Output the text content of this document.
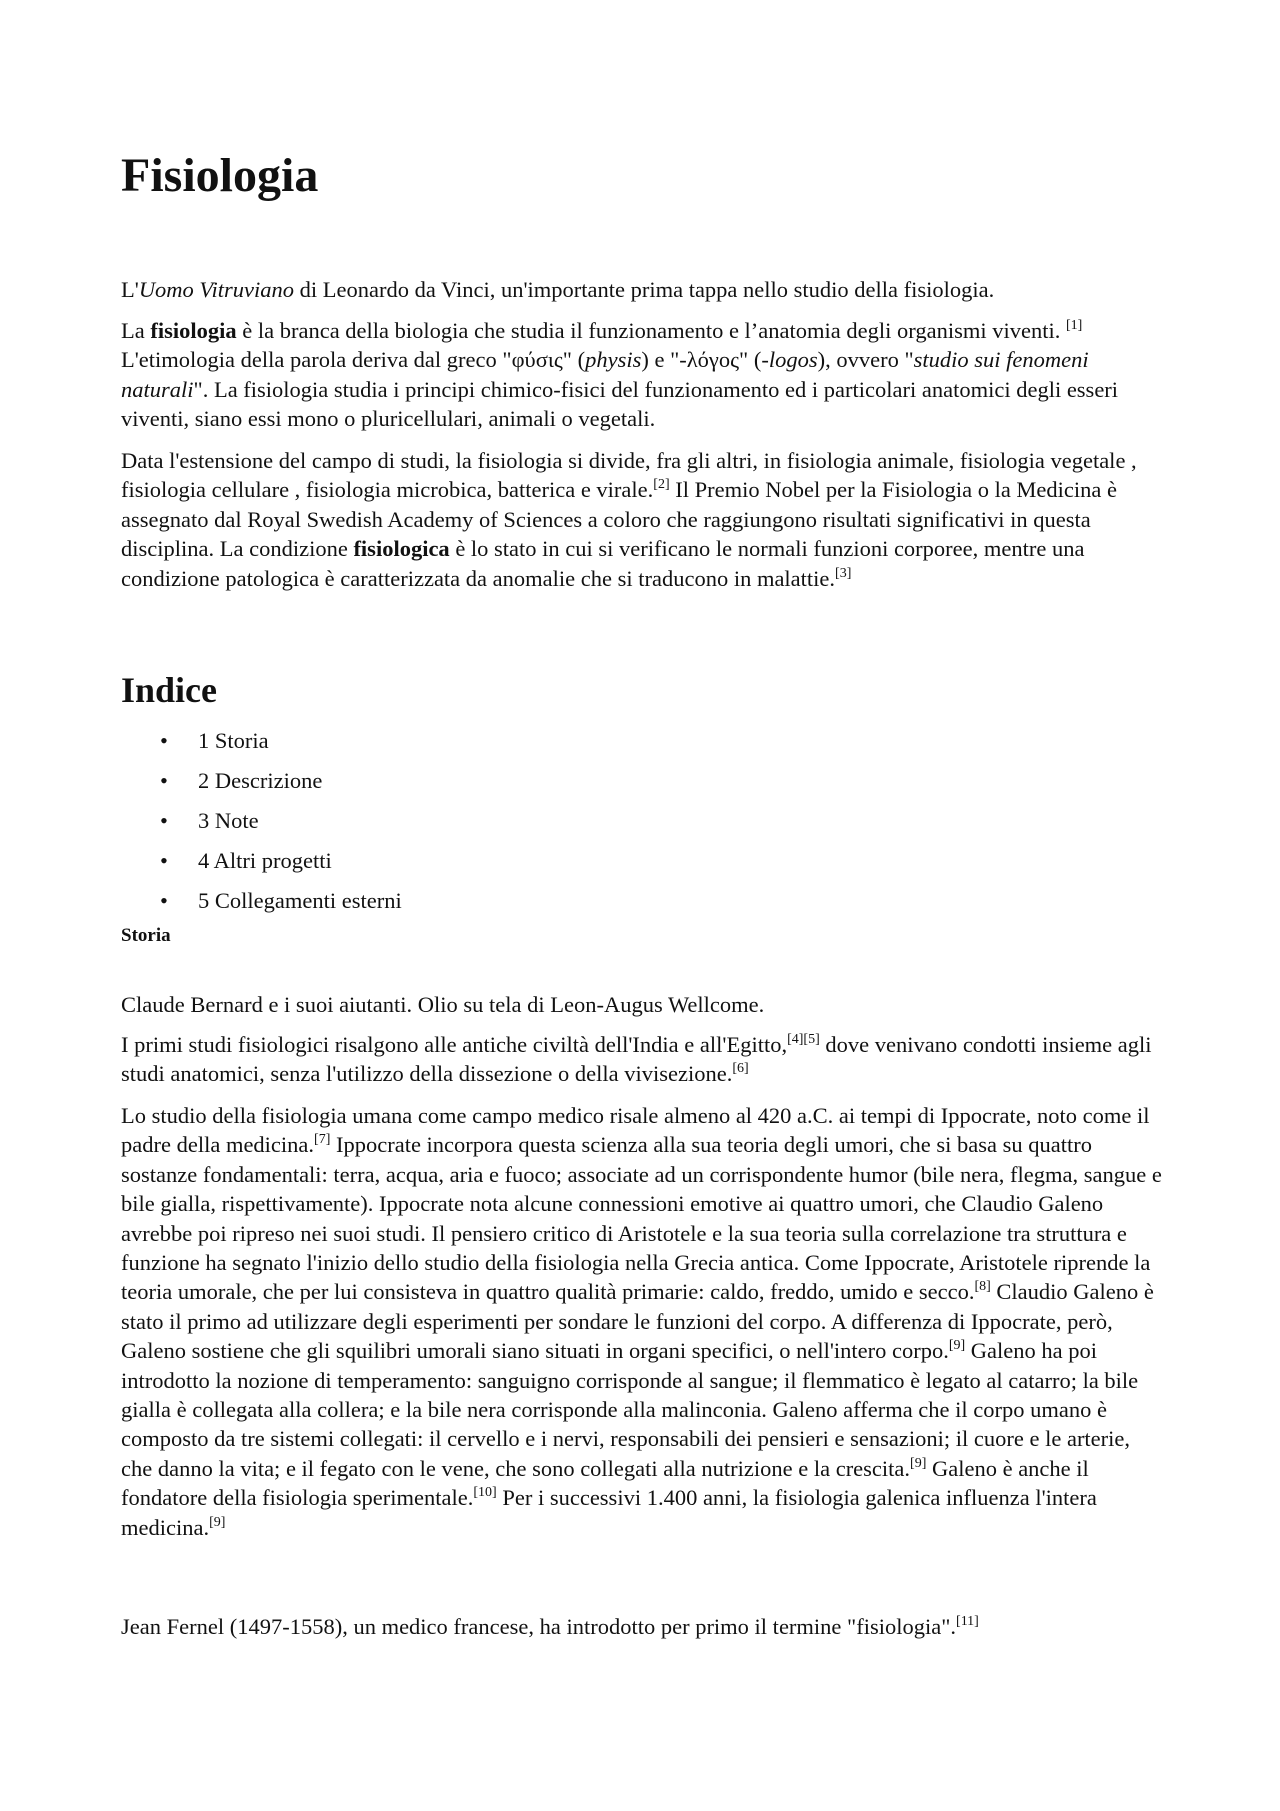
Fisiologia

L'Uomo Vitruviano di Leonardo da Vinci, un'importante prima tappa nello studio della fisiologia.

La fisiologia è la branca della biologia che studia il funzionamento e l’anatomia degli organismi viventi. [1] L'etimologia della parola deriva dal greco "φύσις" (physis) e "-λόγος" (-logos), ovvero "studio sui fenomeni naturali". La fisiologia studia i principi chimico-fisici del funzionamento ed i particolari anatomici degli esseri viventi, siano essi mono o pluricellulari, animali o vegetali.

Data l'estensione del campo di studi, la fisiologia si divide, fra gli altri, in fisiologia animale, fisiologia vegetale , fisiologia cellulare , fisiologia microbica, batterica e virale.[2] Il Premio Nobel per la Fisiologia o la Medicina è assegnato dal Royal Swedish Academy of Sciences a coloro che raggiungono risultati significativi in questa disciplina. La condizione fisiologica è lo stato in cui si verificano le normali funzioni corporee, mentre una condizione patologica è caratterizzata da anomalie che si traducono in malattie.[3]

Indice
• 1 Storia
• 2 Descrizione
• 3 Note
• 4 Altri progetti
• 5 Collegamenti esterni
Storia

Claude Bernard e i suoi aiutanti. Olio su tela di Leon-Augus Wellcome.

I primi studi fisiologici risalgono alle antiche civiltà dell'India e all'Egitto,[4][5] dove venivano condotti insieme agli studi anatomici, senza l'utilizzo della dissezione o della vivisezione.[6]

Lo studio della fisiologia umana come campo medico risale almeno al 420 a.C. ai tempi di Ippocrate, noto come il padre della medicina.[7] Ippocrate incorpora questa scienza alla sua teoria degli umori, che si basa su quattro sostanze fondamentali: terra, acqua, aria e fuoco; associate ad un corrispondente humor (bile nera, flegma, sangue e bile gialla, rispettivamente). Ippocrate nota alcune connessioni emotive ai quattro umori, che Claudio Galeno avrebbe poi ripreso nei suoi studi. Il pensiero critico di Aristotele e la sua teoria sulla correlazione tra struttura e funzione ha segnato l'inizio dello studio della fisiologia nella Grecia antica. Come Ippocrate, Aristotele riprende la teoria umorale, che per lui consisteva in quattro qualità primarie: caldo, freddo, umido e secco.[8] Claudio Galeno è stato il primo ad utilizzare degli esperimenti per sondare le funzioni del corpo. A differenza di Ippocrate, però, Galeno sostiene che gli squilibri umorali siano situati in organi specifici, o nell'intero corpo.[9] Galeno ha poi introdotto la nozione di temperamento: sanguigno corrisponde al sangue; il flemmatico è legato al catarro; la bile gialla è collegata alla collera; e la bile nera corrisponde alla malinconia. Galeno afferma che il corpo umano è composto da tre sistemi collegati: il cervello e i nervi, responsabili dei pensieri e sensazioni; il cuore e le arterie, che danno la vita; e il fegato con le vene, che sono collegati alla nutrizione e la crescita.[9] Galeno è anche il fondatore della fisiologia sperimentale.[10] Per i successivi 1.400 anni, la fisiologia galenica influenza l'intera medicina.[9]

Jean Fernel (1497-1558), un medico francese, ha introdotto per primo il termine "fisiologia".[11]
